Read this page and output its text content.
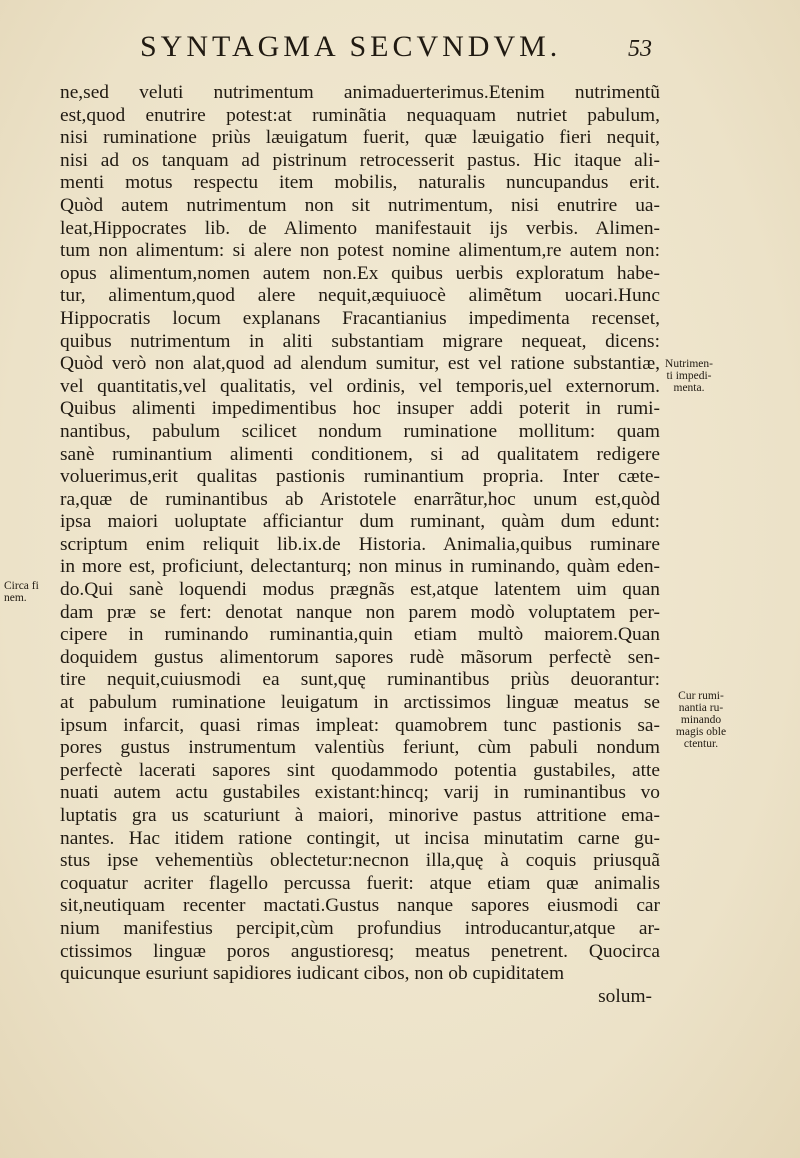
SYNTAGMA SECVNDVM.	53
ne,sed veluti nutrimentum animaduerterimus.Etenim nutrimentũ
est,quod enutrire potest:at ruminãtia nequaquam nutriet pabulum,
nisi ruminatione priùs læuigatum fuerit, quæ læuigatio fieri nequit,
nisi ad os tanquam ad pistrinum retrocesserit pastus. Hic itaque ali-
menti motus respectu item mobilis, naturalis nuncupandus erit.
Quòd autem nutrimentum non sit nutrimentum, nisi enutrire ua-
leat,Hippocrates lib. de Alimento manifestauit ijs verbis. Alimen-
tum non alimentum: si alere non potest nomine alimentum,re autem non:
opus alimentum,nomen autem non.Ex quibus uerbis exploratum habe-
tur, alimentum,quod alere nequit,æquiuocè alimẽtum uocari.Hunc
Hippocratis locum explanans Fracantianius impedimenta recenset,
quibus nutrimentum in aliti substantiam migrare nequeat, dicens:
Quòd verò non alat,quod ad alendum sumitur, est vel ratione substantiæ,
vel quantitatis,vel qualitatis, vel ordinis, vel temporis,uel externorum.
Quibus alimenti impedimentibus hoc insuper addi poterit in rumi-
nantibus, pabulum scilicet nondum ruminatione mollitum: quam
sanè ruminantium alimenti conditionem, si ad qualitatem redigere
voluerimus,erit qualitas pastionis ruminantium propria. Inter cæte-
ra,quæ de ruminantibus ab Aristotele enarrãtur,hoc unum est,quòd
ipsa maiori uoluptate afficiantur dum ruminant, quàm dum edunt:
scriptum enim reliquit lib.ix.de Historia. Animalia,quibus ruminare
in more est, proficiunt, delectanturq; non minus in ruminando, quàm eden-
do.Qui sanè loquendi modus prægnãs est,atque latentem uim quan
dam præ se fert: denotat nanque non parem modò voluptatem per-
cipere in ruminando ruminantia,quin etiam multò maiorem.Quan
doquidem gustus alimentorum sapores rudè mãsorum perfectè sen-
tire nequit,cuiusmodi ea sunt,quę ruminantibus priùs deuorantur:
at pabulum ruminatione leuigatum in arctissimos linguæ meatus se
ipsum infarcit, quasi rimas impleat: quamobrem tunc pastionis sa-
pores gustus instrumentum valentiùs feriunt, cùm pabuli nondum
perfectè lacerati sapores sint quodammodo potentia gustabiles, atte
nuati autem actu gustabiles existant:hincq; varij in ruminantibus vo
luptatis gra us scaturiunt à maiori, minorive pastus attritione ema-
nantes. Hac itidem ratione contingit, ut incisa minutatim carne gu-
stus ipse vehementiùs oblectetur:necnon illa,quę à coquis priusquã
coquatur acriter flagello percussa fuerit: atque etiam quæ animalis
sit,neutiquam recenter mactati.Gustus nanque sapores eiusmodi car
nium manifestius percipit,cùm profundius introducantur,atque ar-
ctissimos linguæ poros angustioresq; meatus penetrent. Quocirca
quicunque esuriunt sapidiores iudicant cibos, non ob cupiditatem
solum-
Nutrimen-
ti impedi-
menta.
Circa fi
nem.
Cur rumi-
nantia ru-
minando
magis oble
ctentur.
